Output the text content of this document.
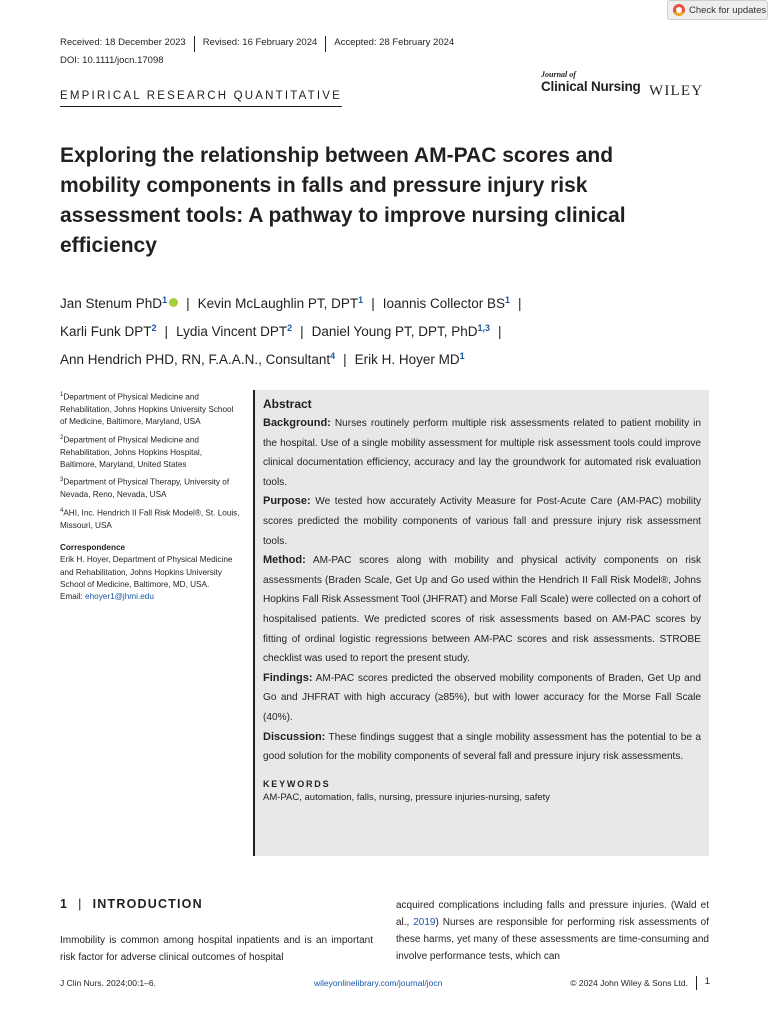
Check for updates
Received: 18 December 2023	Revised: 16 February 2024	Accepted: 28 February 2024
DOI: 10.1111/jocn.17098
EMPIRICAL RESEARCH QUANTITATIVE
Journal of
Clinical Nursing WILEY
Exploring the relationship between AM-PAC scores and mobility components in falls and pressure injury risk assessment tools: A pathway to improve nursing clinical efficiency
Jan Stenum PhD$^1$ | Kevin McLaughlin PT, DPT$^1$ | Ioannis Collector $BS^1$ |
Karli Funk DPT$^2$ | Lydia Vincent DPT$^2$ | Daniel Young PT, DPT, PhD$^{1,3}$ |
Ann Hendrich PHD, RN, F.A.A.N., Consultant$^4$ | Erik H. Hoyer $MD^1$

$^1$Department of Physical Medicine and Rehabilitation, Johns Hopkins University School of Medicine, Baltimore, Maryland, USA

$^2$Department of Physical Medicine and Rehabilitation, Johns Hopkins Hospital, Baltimore, Maryland, United States

$^3$Department of Physical Therapy, University of Nevada, Reno, Nevada, USA

$^4$AHI, Inc. Hendrich II Fall Risk Model®, St. Louis, Missouri, USA

Correspondence

Erik H. Hoyer, Department of Physical Medicine and Rehabilitation, Johns Hopkins University School of Medicine, Baltimore, MD, USA.
Email: ehoyer1@jhmi.edu

Abstract

Background: Nurses routinely perform multiple risk assessments related to patient mobility in the hospital. Use of a single mobility assessment for multiple risk assessment tools could improve clinical documentation efficiency, accuracy and lay the groundwork for automated risk evaluation tools.

Purpose: We tested how accurately Activity Measure for Post-Acute Care (AM-PAC) mobility scores predicted the mobility components of various fall and pressure injury risk assessment tools.

Method: AM-PAC scores along with mobility and physical activity components on risk assessments (Braden Scale, Get Up and Go used within the Hendrich II Fall Risk Model®, Johns Hopkins Fall Risk Assessment Tool (JHFRAT) and Morse Fall Scale) were collected on a cohort of hospitalised patients. We predicted scores of risk assessments based on AM-PAC scores by fitting of ordinal logistic regressions between AM-PAC scores and risk assessments. STROBE checklist was used to report the present study.

Findings: AM-PAC scores predicted the observed mobility components of Braden, Get Up and Go and JHFRAT with high accuracy (≥85%), but with lower accuracy for the Morse Fall Scale (40%).

Discussion: These findings suggest that a single mobility assessment has the potential to be a good solution for the mobility components of several fall and pressure injury risk assessments.

KEYWORDS
AM-PAC, automation, falls, nursing, pressure injuries-nursing, safety
1 | INTRODUCTION

Immobility is common among hospital inpatients and is an important risk factor for adverse clinical outcomes of hospital

acquired complications including falls and pressure injuries. (Wald et al., 2019) Nurses are responsible for performing risk assessments of these harms, yet many of these assessments are time-consuming and involve performance tests, which can

J Clin Nurs. 2024;00:1–6.	wileyonlinelibrary.com/journal/jocn	© 2024 John Wiley & Sons Ltd.	1
